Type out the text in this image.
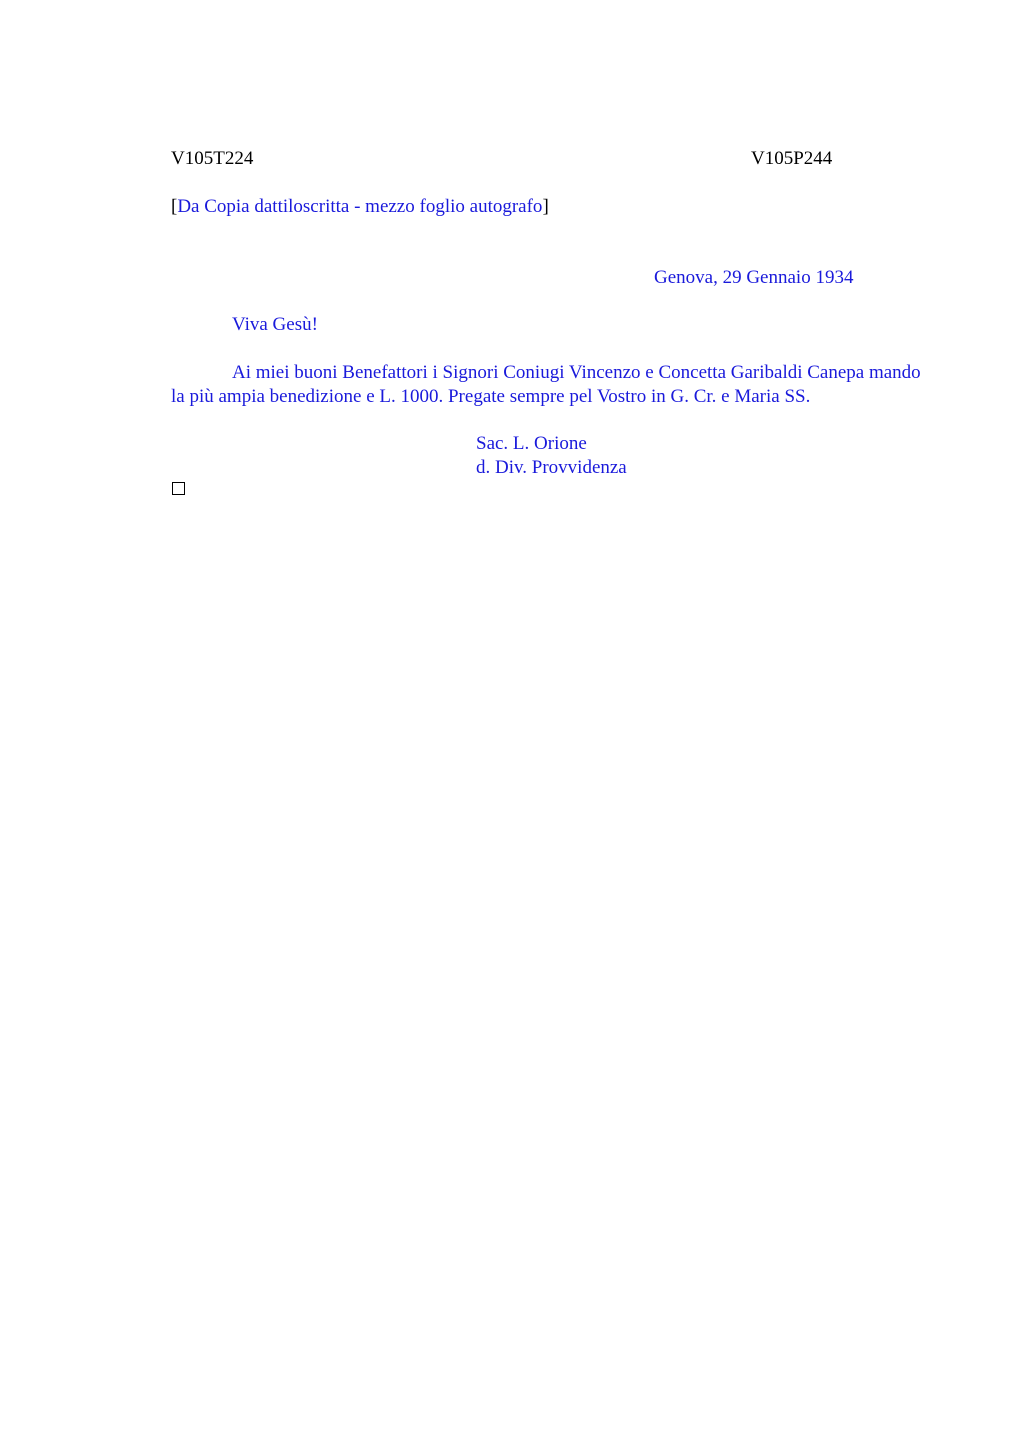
V105T224	V105P244
[Da Copia dattiloscritta - mezzo foglio autografo]
Genova, 29 Gennaio 1934
Viva Gesù!

Ai miei buoni Benefattori i Signori Coniugi Vincenzo e Concetta Garibaldi Canepa mando la più ampia benedizione e L. 1000. Pregate sempre pel Vostro in G. Cr. e Maria SS.

Sac. L. Orione
d. Div. Provvidenza
